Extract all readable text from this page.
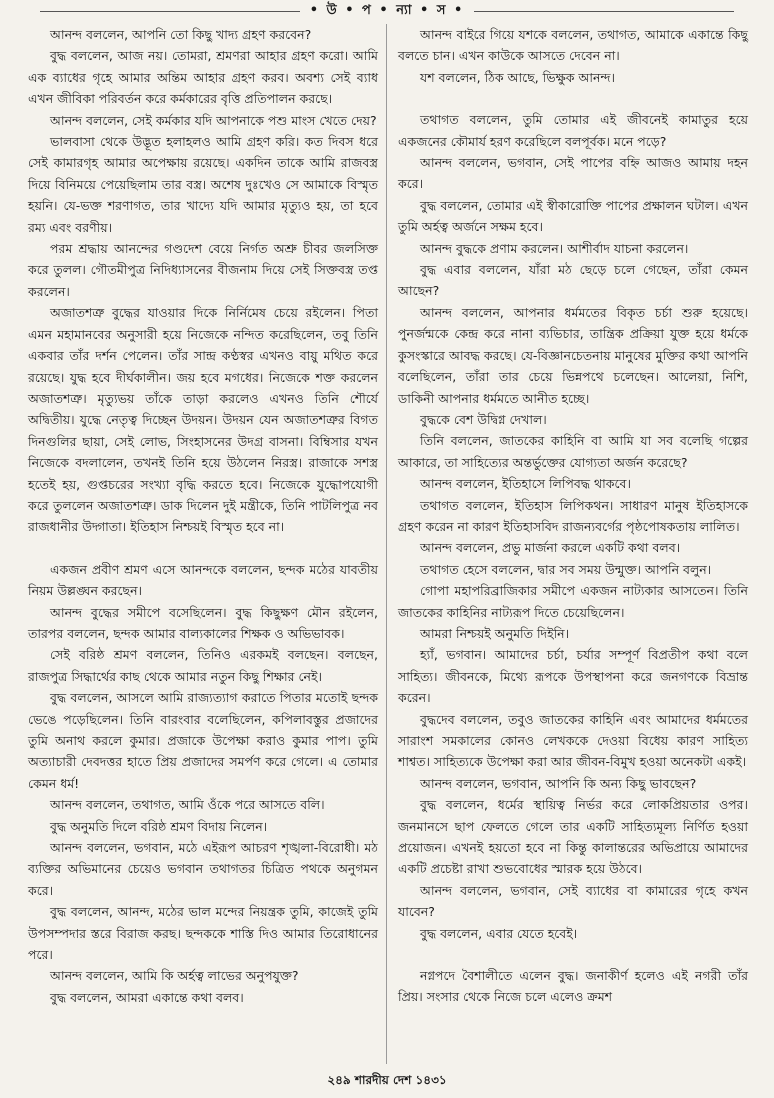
• উ • প • ন্যা • স •

আনন্দ বললেন, আপনি তো কিছু খাদ্য গ্রহণ করবেন?

বুদ্ধ বললেন, আজ নয়। তোমরা, শ্রমণরা আহার গ্রহণ করো। আমি এক ব্যাধের গৃহে আমার অন্তিম আহার গ্রহণ করব। অবশ্য সেই ব্যাধ এখন জীবিকা পরিবর্তন করে কর্মকারের বৃত্তি প্রতিপালন করছে।

আনন্দ বললেন, সেই কর্মকার যদি আপনাকে পশু মাংস খেতে দেয়?

ভালবাসা থেকে উদ্ভূত হলাহলও আমি গ্রহণ করি। কত দিবস ধরে সেই কামারগৃহ আমার অপেক্ষায় রয়েছে। একদিন তাকে আমি রাজবস্ত্র দিয়ে বিনিময়ে পেয়েছিলাম তার বস্ত্র। অশেষ দুঃখেও সে আমাকে বিস্মৃত হয়নি। যে-ভক্ত শরণাগত, তার খাদ্যে যদি আমার মৃত্যুও হয়, তা হবে রম্য এবং বরণীয়।

পরম শ্রদ্ধায় আনন্দের গণ্ডদেশ বেয়ে নির্গত অশ্রু চীবর জলসিক্ত করে তুলল। গৌতমীপুত্র নিদিধ্যাসনের বীজনাম দিয়ে সেই সিক্তবস্ত্র তপ্ত করলেন।

অজাতশত্রু বুদ্ধের যাওয়ার দিকে নির্নিমেষ চেয়ে রইলেন। পিতা এমন মহামানবের অনুসারী হয়ে নিজেকে নন্দিত করেছিলেন, তবু তিনি একবার তাঁর দর্শন পেলেন। তাঁর সান্দ্র কণ্ঠস্বর এখনও বায়ু মথিত করে রয়েছে। যুদ্ধ হবে দীর্ঘকালীন। জয় হবে মগধের। নিজেকে শক্ত করলেন অজাতশত্রু। মৃত্যুভয় তাঁকে তাড়া করলেও এখনও তিনি শৌর্যে অদ্বিতীয়। যুদ্ধে নেতৃত্ব দিচ্ছেন উদয়ন। উদয়ন যেন অজাতশত্রুর বিগত দিনগুলির ছায়া, সেই লোভ, সিংহাসনের উদগ্র বাসনা। বিম্বিসার যখন নিজেকে বদলালেন, তখনই তিনি হয়ে উঠলেন নিরস্ত্র। রাজাকে সশস্ত্র হতেই হয়, গুপ্তচরের সংখ্যা বৃদ্ধি করতে হবে। নিজেকে যুদ্ধোপযোগী করে তুললেন অজাতশত্রু। ডাক দিলেন দুই মন্ত্রীকে, তিনি পাটলিপুত্র নব রাজধানীর উদ্গাতা। ইতিহাস নিশ্চয়ই বিস্মৃত হবে না।

একজন প্রবীণ শ্রমণ এসে আনন্দকে বললেন, ছন্দক মঠের যাবতীয় নিয়ম উল্লঙ্ঘন করছেন।

আনন্দ বুদ্ধের সমীপে বসেছিলেন। বুদ্ধ কিছুক্ষণ মৌন রইলেন, তারপর বললেন, ছন্দক আমার বাল্যকালের শিক্ষক ও অভিভাবক।

সেই বরিষ্ঠ শ্রমণ বললেন, তিনিও এরকমই বলছেন। বলছেন, রাজপুত্র সিদ্ধার্থের কাছ থেকে আমার নতুন কিছু শিক্ষার নেই।

বুদ্ধ বললেন, আসলে আমি রাজ্যত্যাগ করাতে পিতার মতোই ছন্দক ভেঙে পড়েছিলেন। তিনি বারংবার বলেছিলেন, কপিলাবস্তুর প্রজাদের তুমি অনাথ করলে কুমার। প্রজাকে উপেক্ষা করাও কুমার পাপ। তুমি অত্যাচারী দেবদত্তর হাতে প্রিয় প্রজাদের সমর্পণ করে গেলে। এ তোমার কেমন ধর্ম!

আনন্দ বললেন, তথাগত, আমি ওঁকে পরে আসতে বলি।

বুদ্ধ অনুমতি দিলে বরিষ্ঠ শ্রমণ বিদায় নিলেন।

আনন্দ বললেন, ভগবান, মঠে এইরূপ আচরণ শৃঙ্খলা-বিরোধী। মঠ ব্যক্তির অভিমানের চেয়েও ভগবান তথাগতর চিত্রিত পথকে অনুগমন করে।

বুদ্ধ বললেন, আনন্দ, মঠের ভাল মন্দের নিয়ন্ত্রক তুমি, কাজেই তুমি উপসম্পদার স্তরে বিরাজ করছ। ছন্দককে শাস্তি দিও আমার তিরোধানের পরে।

আনন্দ বললেন, আমি কি অর্হত্ব লাভের অনুপযুক্ত?

বুদ্ধ বললেন, আমরা একান্তে কথা বলব।

আনন্দ বাইরে গিয়ে যশকে বললেন, তথাগত, আমাকে একান্তে কিছু বলতে চান। এখন কাউকে আসতে দেবেন না।

যশ বললেন, ঠিক আছে, ভিক্ষুক আনন্দ।

তথাগত বললেন, তুমি তোমার এই জীবনেই কামাতুর হয়ে একজনের কৌমার্য হরণ করেছিলে বলপূর্বক। মনে পড়ে?

আনন্দ বললেন, ভগবান, সেই পাপের বহ্নি আজও আমায় দহন করে।

বুদ্ধ বললেন, তোমার এই স্বীকারোক্তি পাপের প্রক্ষালন ঘটাল। এখন তুমি অর্হত্ব অর্জনে সক্ষম হবে।

আনন্দ বুদ্ধকে প্রণাম করলেন। আশীর্বাদ যাচনা করলেন।

বুদ্ধ এবার বললেন, যাঁরা মঠ ছেড়ে চলে গেছেন, তাঁরা কেমন আছেন?

আনন্দ বললেন, আপনার ধর্মমতের বিকৃত চর্চা শুরু হয়েছে। পুনর্জন্মকে কেন্দ্র করে নানা ব্যভিচার, তান্ত্রিক প্রক্রিয়া যুক্ত হয়ে ধর্মকে কুসংস্কারে আবদ্ধ করছে। যে-বিজ্ঞানচেতনায় মানুষের মুক্তির কথা আপনি বলেছিলেন, তাঁরা তার চেয়ে ভিন্নপথে চলেছেন। আলেয়া, নিশি, ডাকিনী আপনার ধর্মমতে আনীত হচ্ছে।

বুদ্ধকে বেশ উদ্বিগ্ন দেখাল।

তিনি বললেন, জাতকের কাহিনি বা আমি যা সব বলেছি গল্পের আকারে, তা সাহিত্যের অন্তর্ভুক্তের যোগ্যতা অর্জন করেছে?

আনন্দ বললেন, ইতিহাসে লিপিবদ্ধ থাকবে।

তথাগত বললেন, ইতিহাস লিপিকথন। সাধারণ মানুষ ইতিহাসকে গ্রহণ করেন না কারণ ইতিহাসবিদ রাজন্যবর্গের পৃষ্ঠপোষকতায় লালিত।

আনন্দ বললেন, প্রভু মার্জনা করলে একটি কথা বলব।

তথাগত হেসে বললেন, দ্বার সব সময় উন্মুক্ত। আপনি বলুন।

গোপা মহাপরিব্রাজিকার সমীপে একজন নাট্যকার আসতেন। তিনি জাতকের কাহিনির নাট্যরূপ দিতে চেয়েছিলেন।

আমরা নিশ্চয়ই অনুমতি দিইনি।

হ্যাঁ, ভগবান। আমাদের চর্চা, চর্যার সম্পূর্ণ বিপ্রতীপ কথা বলে সাহিত্য। জীবনকে, মিথ্যে রূপকে উপস্থাপনা করে জনগণকে বিভ্রান্ত করেন।

বুদ্ধদেব বললেন, তবুও জাতকের কাহিনি এবং আমাদের ধর্মমতের সারাংশ সমকালের কোনও লেখককে দেওয়া বিধেয় কারণ সাহিত্য শাশ্বত। সাহিত্যকে উপেক্ষা করা আর জীবন-বিমুখ হওয়া অনেকটা একই।

আনন্দ বললেন, ভগবান, আপনি কি অন্য কিছু ভাবছেন?

বুদ্ধ বললেন, ধর্মের স্থায়িত্ব নির্ভর করে লোকপ্রিয়তার ওপর। জনমানসে ছাপ ফেলতে গেলে তার একটি সাহিত্যমূল্য নির্ণিত হওয়া প্রয়োজন। এখনই হয়তো হবে না কিন্তু কালান্তরের অভিপ্রায়ে আমাদের একটি প্রচেষ্টা রাখা শুভবোধের স্মারক হয়ে উঠবে।

আনন্দ বললেন, ভগবান, সেই ব্যাধের বা কামারের গৃহে কখন যাবেন?

বুদ্ধ বললেন, এবার যেতে হবেই।

নগ্নপদে বৈশালীতে এলেন বুদ্ধ। জনাকীর্ণ হলেও এই নগরী তাঁর প্রিয়। সংসার থেকে নিজে চলে এলেও ক্রমশ

২৪৯ শারদীয় দেশ ১৪৩১
